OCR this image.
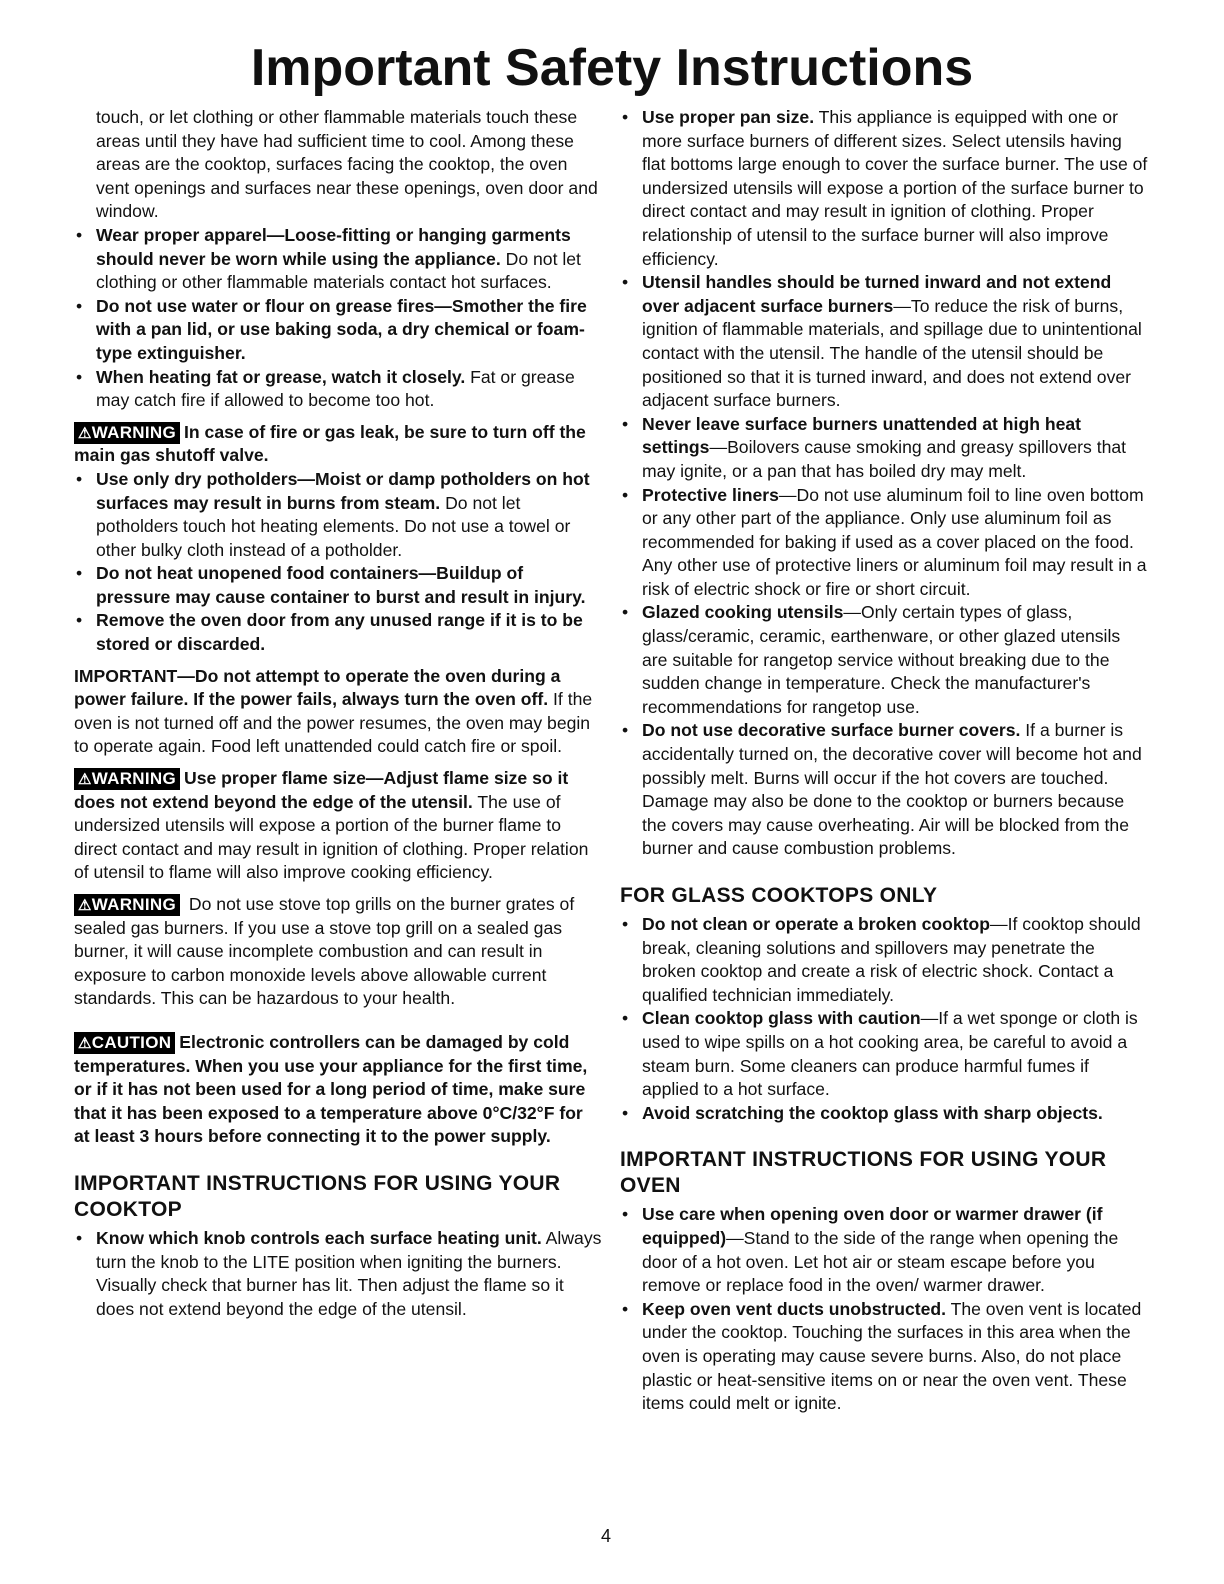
Important Safety Instructions

touch, or let clothing or other flammable materials touch these areas until they have had sufficient time to cool. Among these areas are the cooktop, surfaces facing the cooktop, the oven vent openings and surfaces near these openings, oven door and window.

• Wear proper apparel—Loose-fitting or hanging garments should never be worn while using the appliance. Do not let clothing or other flammable materials contact hot surfaces.
• Do not use water or flour on grease fires—Smother the fire with a pan lid, or use baking soda, a dry chemical or foam-type extinguisher.
• When heating fat or grease, watch it closely. Fat or grease may catch fire if allowed to become too hot.

⚠WARNING In case of fire or gas leak, be sure to turn off the main gas shutoff valve.

• Use only dry potholders—Moist or damp potholders on hot surfaces may result in burns from steam. Do not let potholders touch hot heating elements. Do not use a towel or other bulky cloth instead of a potholder.
• Do not heat unopened food containers—Buildup of pressure may cause container to burst and result in injury.
• Remove the oven door from any unused range if it is to be stored or discarded.

IMPORTANT—Do not attempt to operate the oven during a power failure. If the power fails, always turn the oven off. If the oven is not turned off and the power resumes, the oven may begin to operate again. Food left unattended could catch fire or spoil.

⚠WARNING Use proper flame size—Adjust flame size so it does not extend beyond the edge of the utensil. The use of undersized utensils will expose a portion of the burner flame to direct contact and may result in ignition of clothing. Proper relation of utensil to flame will also improve cooking efficiency.

⚠WARNING Do not use stove top grills on the burner grates of sealed gas burners. If you use a stove top grill on a sealed gas burner, it will cause incomplete combustion and can result in exposure to carbon monoxide levels above allowable current standards. This can be hazardous to your health.

⚠CAUTION Electronic controllers can be damaged by cold temperatures. When you use your appliance for the first time, or if it has not been used for a long period of time, make sure that it has been exposed to a temperature above 0°C/32°F for at least 3 hours before connecting it to the power supply.

IMPORTANT INSTRUCTIONS FOR USING YOUR COOKTOP
• Know which knob controls each surface heating unit. Always turn the knob to the LITE position when igniting the burners. Visually check that burner has lit. Then adjust the flame so it does not extend beyond the edge of the utensil.
• Use proper pan size. This appliance is equipped with one or more surface burners of different sizes. Select utensils having flat bottoms large enough to cover the surface burner. The use of undersized utensils will expose a portion of the surface burner to direct contact and may result in ignition of clothing. Proper relationship of utensil to the surface burner will also improve efficiency.
• Utensil handles should be turned inward and not extend over adjacent surface burners—To reduce the risk of burns, ignition of flammable materials, and spillage due to unintentional contact with the utensil. The handle of the utensil should be positioned so that it is turned inward, and does not extend over adjacent surface burners.
• Never leave surface burners unattended at high heat settings—Boilovers cause smoking and greasy spillovers that may ignite, or a pan that has boiled dry may melt.
• Protective liners—Do not use aluminum foil to line oven bottom or any other part of the appliance. Only use aluminum foil as recommended for baking if used as a cover placed on the food. Any other use of protective liners or aluminum foil may result in a risk of electric shock or fire or short circuit.
• Glazed cooking utensils—Only certain types of glass, glass/ceramic, ceramic, earthenware, or other glazed utensils are suitable for rangetop service without breaking due to the sudden change in temperature. Check the manufacturer's recommendations for rangetop use.
• Do not use decorative surface burner covers. If a burner is accidentally turned on, the decorative cover will become hot and possibly melt. Burns will occur if the hot covers are touched. Damage may also be done to the cooktop or burners because the covers may cause overheating. Air will be blocked from the burner and cause combustion problems.
FOR GLASS COOKTOPS ONLY
• Do not clean or operate a broken cooktop—If cooktop should break, cleaning solutions and spillovers may penetrate the broken cooktop and create a risk of electric shock. Contact a qualified technician immediately.
• Clean cooktop glass with caution—If a wet sponge or cloth is used to wipe spills on a hot cooking area, be careful to avoid a steam burn. Some cleaners can produce harmful fumes if applied to a hot surface.
• Avoid scratching the cooktop glass with sharp objects.
IMPORTANT INSTRUCTIONS FOR USING YOUR OVEN
• Use care when opening oven door or warmer drawer (if equipped)—Stand to the side of the range when opening the door of a hot oven. Let hot air or steam escape before you remove or replace food in the oven/ warmer drawer.
• Keep oven vent ducts unobstructed. The oven vent is located under the cooktop. Touching the surfaces in this area when the oven is operating may cause severe burns. Also, do not place plastic or heat-sensitive items on or near the oven vent. These items could melt or ignite.
4
